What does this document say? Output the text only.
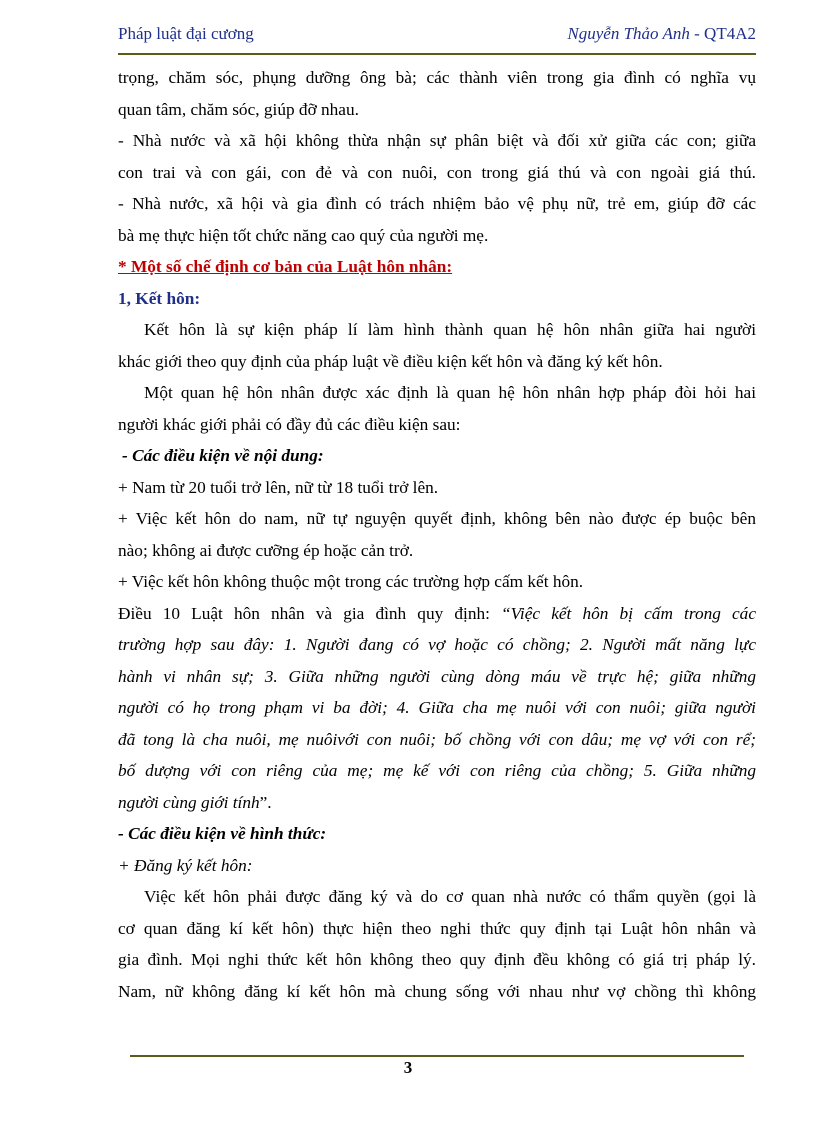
Pháp luật đại cương	Nguyễn Thảo Anh - QT4A2
trọng, chăm sóc, phụng dưỡng ông bà; các thành viên trong gia đình có nghĩa vụ
quan tâm, chăm sóc, giúp đỡ nhau.
- Nhà nước và xã hội không thừa nhận sự phân biệt và đối xử giữa các con; giữa
con trai và con gái, con đẻ và con nuôi, con trong giá thú và con ngoài giá thú.
- Nhà nước, xã hội và gia đình có trách nhiệm bảo vệ phụ nữ, trẻ em, giúp đỡ các
bà mẹ thực hiện tốt chức năng cao quý của người mẹ.
* Một số chế định cơ bản của Luật hôn nhân:
1, Kết hôn:
Kết hôn là sự kiện pháp lí làm hình thành quan hệ hôn nhân giữa hai người
khác giới theo quy định của pháp luật về điều kiện kết hôn và đăng ký kết hôn.
Một quan hệ hôn nhân được xác định là quan hệ hôn nhân hợp pháp đòi hỏi hai
người khác giới phải có đầy đủ các điều kiện sau:
- Các điều kiện về nội dung:
+ Nam từ 20 tuổi trở lên, nữ từ 18 tuổi trở lên.
+ Việc kết hôn do nam, nữ tự nguyện quyết định, không bên nào được ép buộc bên
nào; không ai được cưỡng ép hoặc cản trở.
+ Việc kết hôn không thuộc một trong các trường hợp cấm kết hôn.
Điều 10 Luật hôn nhân và gia đình quy định: “Việc kết hôn bị cấm trong các
trường hợp sau đây: 1. Người đang có vợ hoặc có chồng; 2. Người mất năng lực
hành vi nhân sự; 3. Giữa những người cùng dòng máu về trực hệ; giữa những
người có họ trong phạm vi ba đời; 4. Giữa cha mẹ nuôi với con nuôi; giữa người
đã tong là cha nuôi, mẹ nuôivới con nuôi; bố chồng với con dâu; mẹ vợ với con rể;
bố dượng với con riêng của mẹ; mẹ kế với con riêng của chồng; 5. Giữa những
người cùng giới tính”.
- Các điều kiện về hình thức:
+ Đăng ký kết hôn:
Việc kết hôn phải được đăng ký và do cơ quan nhà nước có thẩm quyền (gọi là
cơ quan đăng kí kết hôn) thực hiện theo nghi thức quy định tại Luật hôn nhân và
gia đình. Mọi nghi thức kết hôn không theo quy định đều không có giá trị pháp lý.
Nam, nữ không đăng kí kết hôn mà chung sống với nhau như vợ chồng thì không
3
